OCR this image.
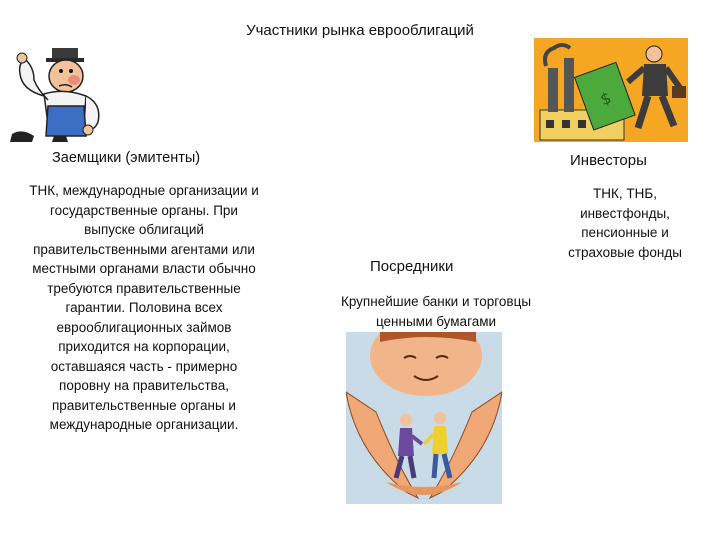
Участники рынка еврооблигаций
$
Заемщики (эмитенты)	Инвесторы
ТНК, международные организации и
государственные органы. При
выпуске облигаций
правительственными агентами или
местными органами власти обычно
требуются правительственные
гарантии. Половина всех
еврооблигационных займов
приходится на корпорации,
оставшаяся часть - примерно
поровну на правительства,
правительственные органы и
международные организации.
ТНК, ТНБ,
инвестфонды,
пенсионные и
страховые фонды
Посредники
Крупнейшие банки и торговцы
ценными бумагами
